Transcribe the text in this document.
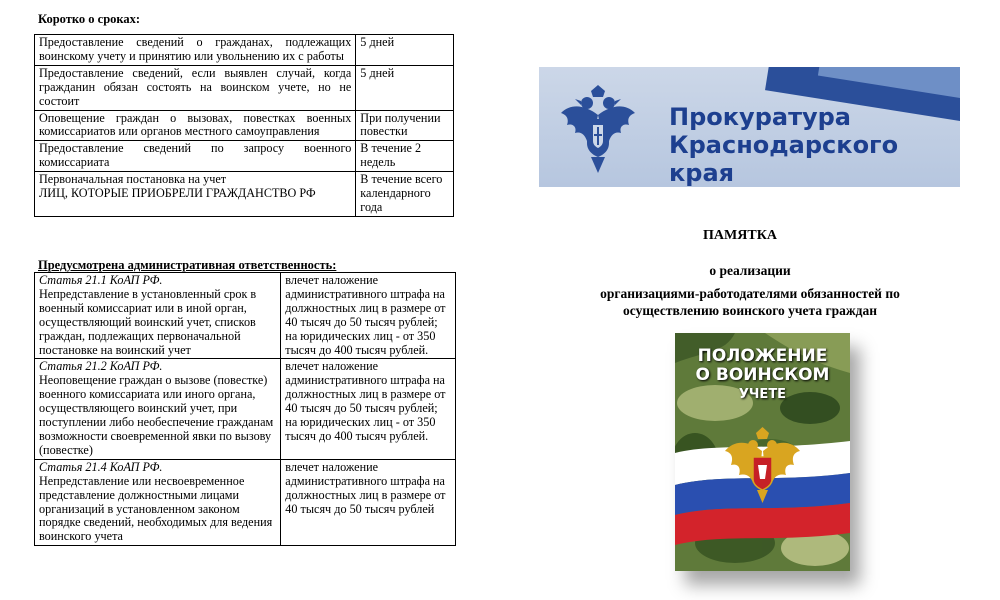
Коротко о сроках:
Предоставление сведений о гражданах, подлежащих воинскому учету и принятию или увольнению их с работы	5 дней
Предоставление сведений, если выявлен случай, когда гражданин обязан состоять на воинском учете, но не состоит	5 дней
Оповещение граждан о вызовах, повестках военных комиссариатов или органов местного самоуправления	При получении повестки
Предоставление сведений по запросу военного комиссариата	В течение 2 недель

Первоначальная постановка на учет
ЛИЦ, КОТОРЫЕ ПРИОБРЕЛИ ГРАЖДАНСТВО РФ	В течение всего календарного года
Предусмотрена административная ответственность:
Статья 21.1 КоАП РФ.
Непредставление в установленный срок в военный комиссариат или в иной орган, осуществляющий воинский учет, списков граждан, подлежащих первоначальной постановке на воинский учет	влечет наложение административного штрафа на должностных лиц в размере от 40 тысяч до 50 тысяч рублей; на юридических лиц - от 350 тысяч до 400 тысяч рублей.

Статья 21.2 КоАП РФ.
Неоповещение граждан о вызове (повестке) военного комиссариата или иного органа, осуществляющего воинский учет, при поступлении либо необеспечение гражданам возможности своевременной явки по вызову (повестке)	влечет наложение административного штрафа на должностных лиц в размере от 40 тысяч до 50 тысяч рублей; на юридических лиц - от 350 тысяч до 400 тысяч рублей.

Статья 21.4 КоАП РФ.
Непредставление или несвоевременное представление должностными лицами организаций в установленном законом порядке сведений, необходимых для ведения воинского учета	влечет наложение административного штрафа на должностных лиц в размере от 40 тысяч до 50 тысяч рублей
Прокуратура
Краснодарского края
ПАМЯТКА
о реализации
организациями-работодателями обязанностей по
осуществлению воинского учета граждан
ПОЛОЖЕНИЕ
О ВОИНСКОМ
УЧЕТЕ
